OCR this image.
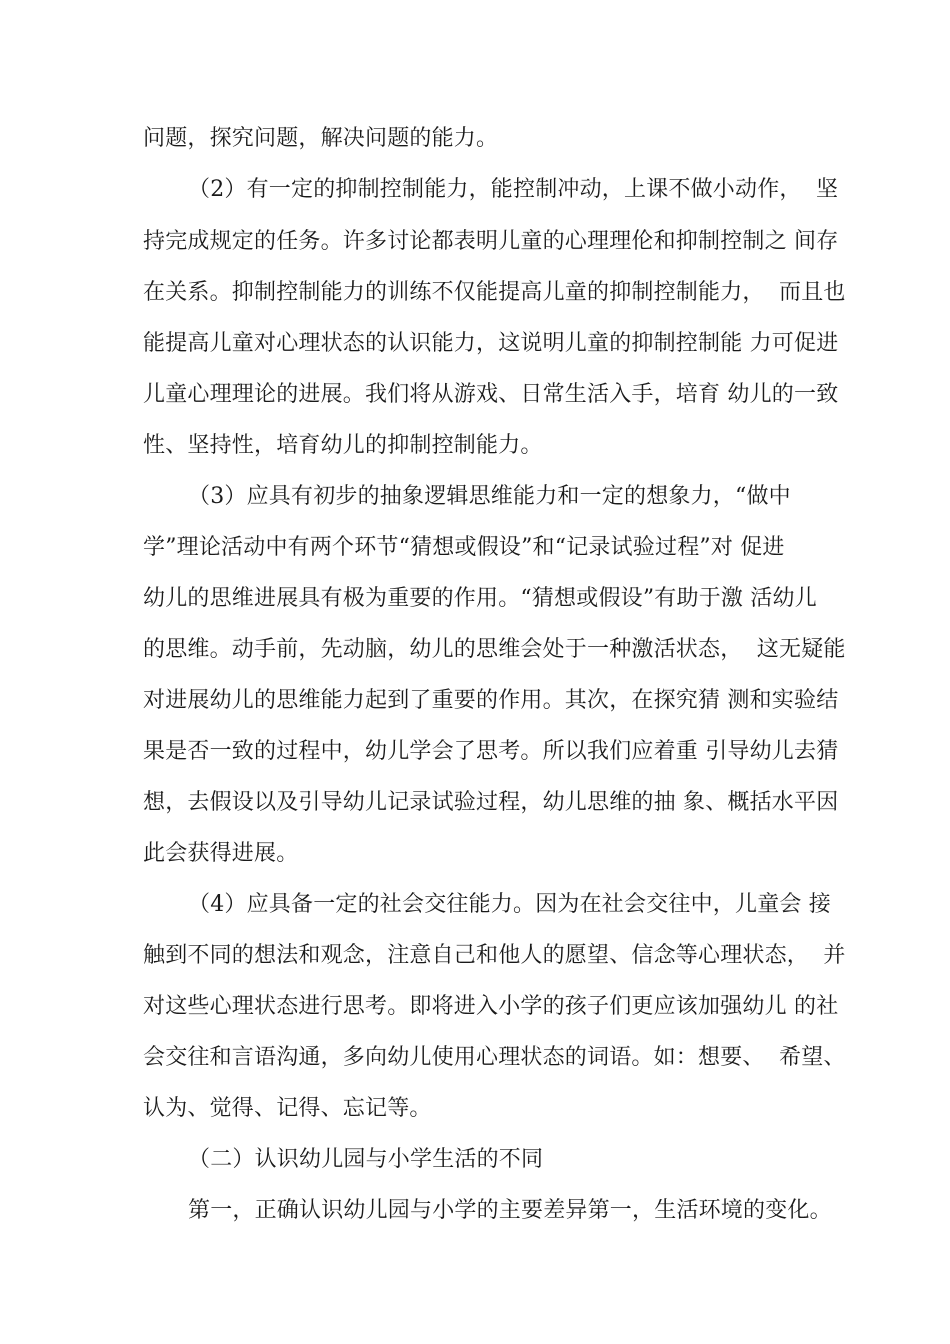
问题，探究问题，解决问题的能力。
（2）有一定的抑制控制能力，能控制冲动，上课不做小动作，  坚
持完成规定的任务。许多讨论都表明儿童的心理理伦和抑制控制之 间存
在关系。抑制控制能力的训练不仅能提高儿童的抑制控制能力，  而且也
能提高儿童对心理状态的认识能力，这说明儿童的抑制控制能 力可促进
儿童心理理论的进展。我们将从游戏、日常生活入手，培育 幼儿的一致
性、坚持性，培育幼儿的抑制控制能力。
（3）应具有初步的抽象逻辑思维能力和一定的想象力，“做中
学”理论活动中有两个环节“猜想或假设”和“记录试验过程”对 促进
幼儿的思维进展具有极为重要的作用。“猜想或假设”有助于激 活幼儿
的思维。动手前，先动脑，幼儿的思维会处于一种激活状态，  这无疑能
对进展幼儿的思维能力起到了重要的作用。其次，在探究猜 测和实验结
果是否一致的过程中，幼儿学会了思考。所以我们应着重 引导幼儿去猜
想，去假设以及引导幼儿记录试验过程，幼儿思维的抽 象、概括水平因
此会获得进展。
（4）应具备一定的社会交往能力。因为在社会交往中，儿童会 接
触到不同的想法和观念，注意自己和他人的愿望、信念等心理状态，  并
对这些心理状态进行思考。即将进入小学的孩子们更应该加强幼儿 的社
会交往和言语沟通，多向幼儿使用心理状态的词语。如：想要、  希望、
认为、觉得、记得、忘记等。
（二）认识幼儿园与小学生活的不同
第一，正确认识幼儿园与小学的主要差异第一，生活环境的变化。
